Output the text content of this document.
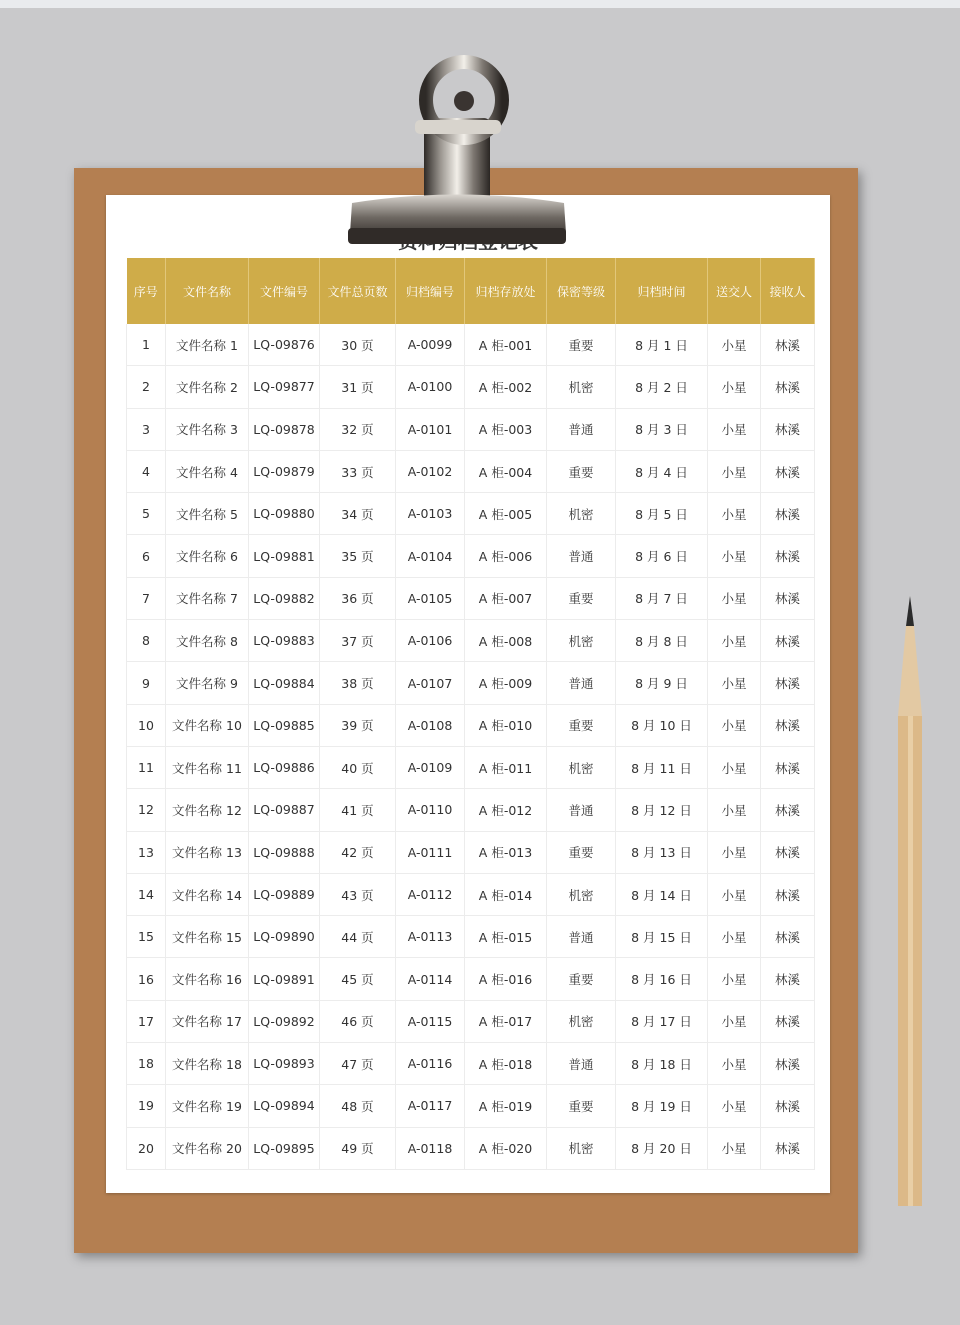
序号	文件名称	文件编号	文件总页数	归档编号	归档存放处	保密等级	归档时间	送交人	接收人
1	文件名称 1	LQ-09876	30 页	A-0099	A 柜-001	重要	8 月 1 日	小星	林溪
2	文件名称 2	LQ-09877	31 页	A-0100	A 柜-002	机密	8 月 2 日	小星	林溪
3	文件名称 3	LQ-09878	32 页	A-0101	A 柜-003	普通	8 月 3 日	小星	林溪
4	文件名称 4	LQ-09879	33 页	A-0102	A 柜-004	重要	8 月 4 日	小星	林溪
5	文件名称 5	LQ-09880	34 页	A-0103	A 柜-005	机密	8 月 5 日	小星	林溪
6	文件名称 6	LQ-09881	35 页	A-0104	A 柜-006	普通	8 月 6 日	小星	林溪
7	文件名称 7	LQ-09882	36 页	A-0105	A 柜-007	重要	8 月 7 日	小星	林溪
8	文件名称 8	LQ-09883	37 页	A-0106	A 柜-008	机密	8 月 8 日	小星	林溪
9	文件名称 9	LQ-09884	38 页	A-0107	A 柜-009	普通	8 月 9 日	小星	林溪
10	文件名称 10	LQ-09885	39 页	A-0108	A 柜-010	重要	8 月 10 日	小星	林溪
11	文件名称 11	LQ-09886	40 页	A-0109	A 柜-011	机密	8 月 11 日	小星	林溪
12	文件名称 12	LQ-09887	41 页	A-0110	A 柜-012	普通	8 月 12 日	小星	林溪
13	文件名称 13	LQ-09888	42 页	A-0111	A 柜-013	重要	8 月 13 日	小星	林溪
14	文件名称 14	LQ-09889	43 页	A-0112	A 柜-014	机密	8 月 14 日	小星	林溪
15	文件名称 15	LQ-09890	44 页	A-0113	A 柜-015	普通	8 月 15 日	小星	林溪
16	文件名称 16	LQ-09891	45 页	A-0114	A 柜-016	重要	8 月 16 日	小星	林溪
17	文件名称 17	LQ-09892	46 页	A-0115	A 柜-017	机密	8 月 17 日	小星	林溪
18	文件名称 18	LQ-09893	47 页	A-0116	A 柜-018	普通	8 月 18 日	小星	林溪
19	文件名称 19	LQ-09894	48 页	A-0117	A 柜-019	重要	8 月 19 日	小星	林溪
20	文件名称 20	LQ-09895	49 页	A-0118	A 柜-020	机密	8 月 20 日	小星	林溪
